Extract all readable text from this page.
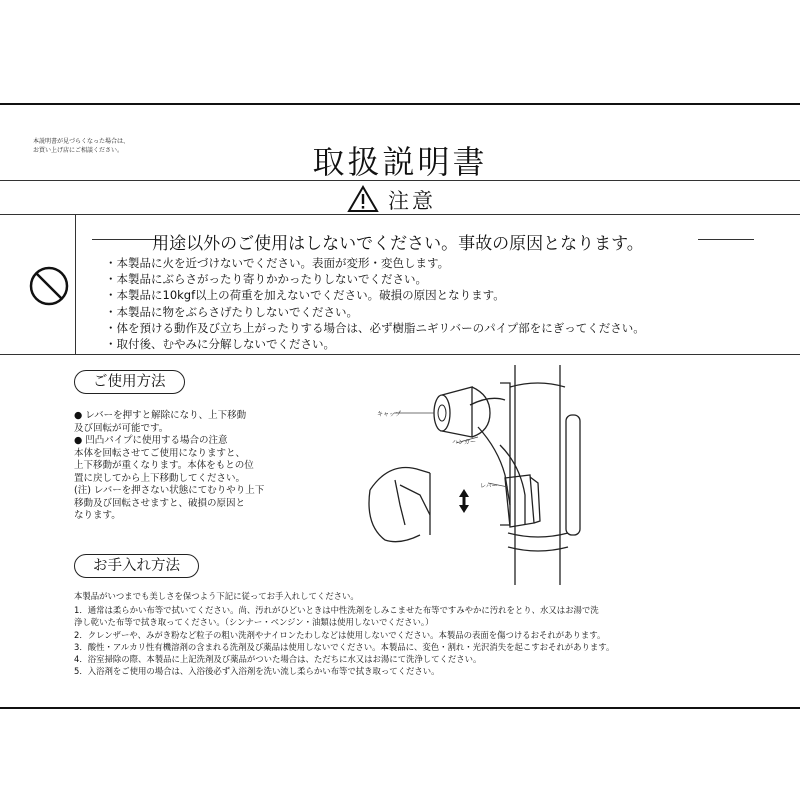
本説明書が見づらくなった場合は、
お買い上げ店にご相談ください。	取扱説明書
注意
用途以外のご使用はしないでください。事故の原因となります。
・本製品に火を近づけないでください。表面が変形・変色します。
・本製品にぶらさがったり寄りかかったりしないでください。
・本製品に10kgf以上の荷重を加えないでください。破損の原因となります。
・本製品に物をぶらさげたりしないでください。
・体を預ける動作及び立ち上がったりする場合は、必ず樹脂ニギリバーのパイプ部をにぎってください。
・取付後、むやみに分解しないでください。
ご使用方法
● レバーを押すと解除になり、上下移動
及び回転が可能です。
● 凹凸パイプに使用する場合の注意
本体を回転させてご使用になりますと、
上下移動が重くなります。本体をもとの位
置に戻してから上下移動してください。
(注) レバーを押さない状態にてむりやり上下
移動及び回転させますと、破損の原因と
なります。
キャップ
ハンガー
レバー
お手入れ方法
本製品がいつまでも美しさを保つよう下記に従ってお手入れしてください。
1．通常は柔らかい布等で拭いてください。尚、汚れがひどいときは中性洗剤をしみこませた布等ですみやかに汚れをとり、水又はお湯で洗
浄し乾いた布等で拭き取ってください。（シンナー・ベンジン・油類は使用しないでください。）
2．クレンザーや、みがき粉など粒子の粗い洗剤やナイロンたわしなどは使用しないでください。本製品の表面を傷つけるおそれがあります。
3．酸性・アルカリ性有機溶剤の含まれる洗剤及び薬品は使用しないでください。本製品に、変色・割れ・光沢消失を起こすおそれがあります。
4．浴室掃除の際、本製品に上記洗剤及び薬品がついた場合は、ただちに水又はお湯にて洗浄してください。
5．入浴剤をご使用の場合は、入浴後必ず入浴剤を洗い流し柔らかい布等で拭き取ってください。
